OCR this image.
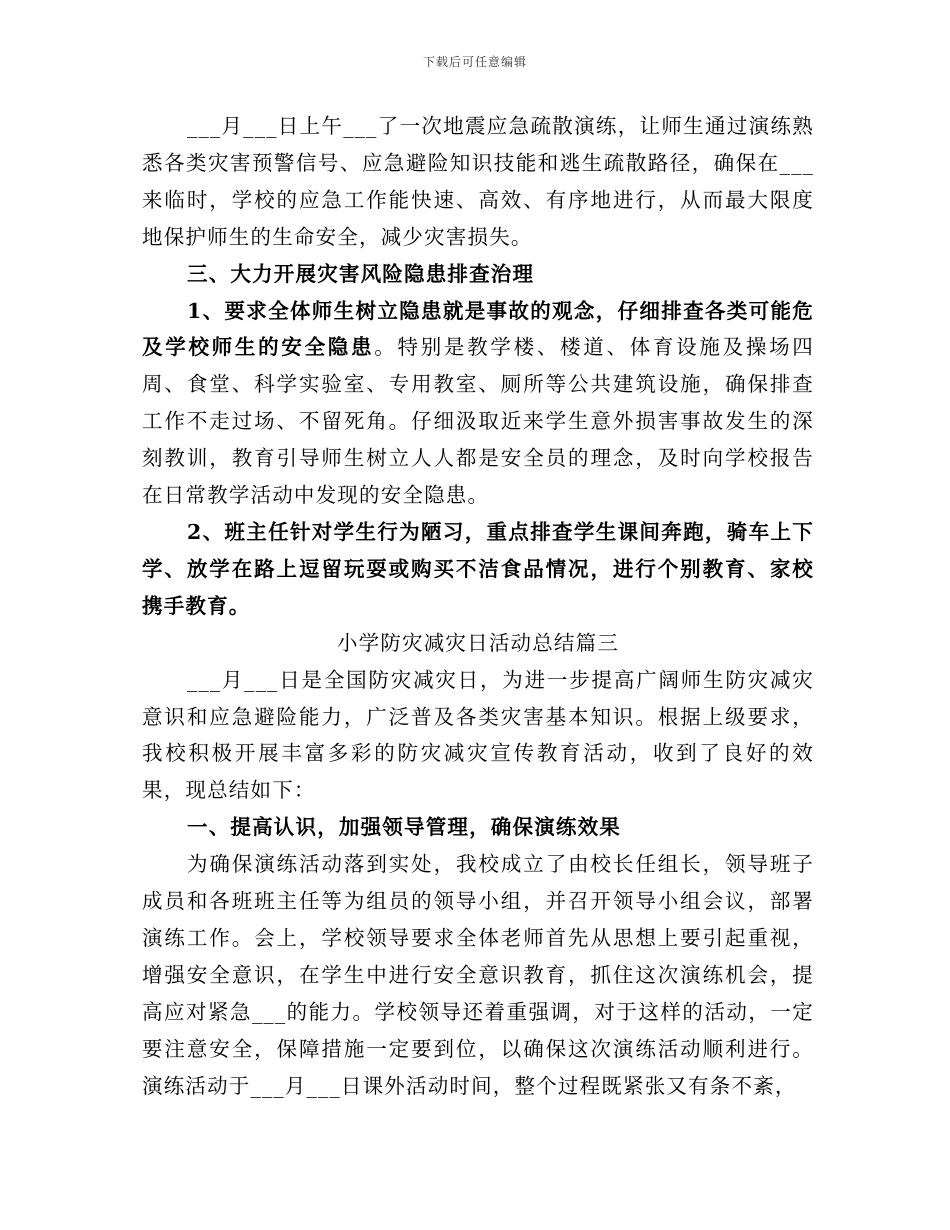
下载后可任意编辑

___月___日上午___了一次地震应急疏散演练，让师生通过演练熟悉各类灾害预警信号、应急避险知识技能和逃生疏散路径，确保在___来临时，学校的应急工作能快速、高效、有序地进行，从而最大限度地保护师生的生命安全，减少灾害损失。

三、大力开展灾害风险隐患排查治理

1、要求全体师生树立隐患就是事故的观念，仔细排查各类可能危及学校师生的安全隐患。特别是教学楼、楼道、体育设施及操场四周、食堂、科学实验室、专用教室、厕所等公共建筑设施，确保排查工作不走过场、不留死角。仔细汲取近来学生意外损害事故发生的深刻教训，教育引导师生树立人人都是安全员的理念，及时向学校报告在日常教学活动中发现的安全隐患。

2、班主任针对学生行为陋习，重点排查学生课间奔跑，骑车上下学、放学在路上逗留玩耍或购买不洁食品情况，进行个别教育、家校携手教育。

小学防灾减灾日活动总结篇三

___月___日是全国防灾减灾日，为进一步提高广阔师生防灾减灾意识和应急避险能力，广泛普及各类灾害基本知识。根据上级要求，我校积极开展丰富多彩的防灾减灾宣传教育活动，收到了良好的效果，现总结如下：

一、提高认识，加强领导管理，确保演练效果

为确保演练活动落到实处，我校成立了由校长任组长，领导班子成员和各班班主任等为组员的领导小组，并召开领导小组会议，部署演练工作。会上，学校领导要求全体老师首先从思想上要引起重视，增强安全意识，在学生中进行安全意识教育，抓住这次演练机会，提高应对紧急___的能力。学校领导还着重强调，对于这样的活动，一定要注意安全，保障措施一定要到位，以确保这次演练活动顺利进行。演练活动于___月___日课外活动时间，整个过程既紧张又有条不紊，
